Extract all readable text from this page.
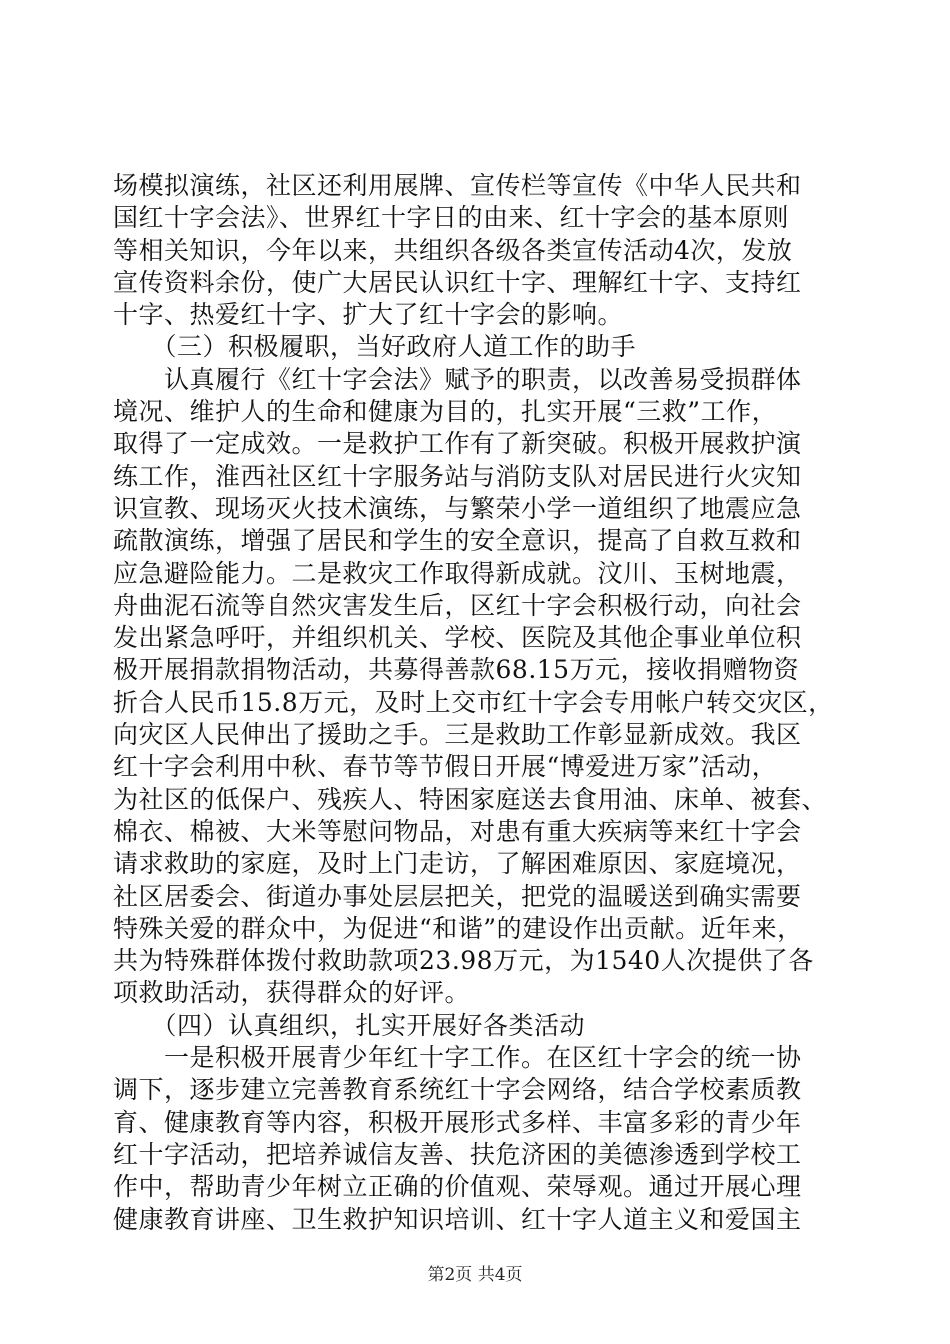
场模拟演练，社区还利用展牌、宣传栏等宣传《中华人民共和
国红十字会法》、世界红十字日的由来、红十字会的基本原则
等相关知识，今年以来，共组织各级各类宣传活动4次，发放
宣传资料余份，使广大居民认识红十字、理解红十字、支持红
十字、热爱红十字、扩大了红十字会的影响。
　　（三）积极履职，当好政府人道工作的助手
　　认真履行《红十字会法》赋予的职责，以改善易受损群体
境况、维护人的生命和健康为目的，扎实开展“三救”工作，
取得了一定成效。一是救护工作有了新突破。积极开展救护演
练工作，淮西社区红十字服务站与消防支队对居民进行火灾知
识宣教、现场灭火技术演练，与繁荣小学一道组织了地震应急
疏散演练，增强了居民和学生的安全意识，提高了自救互救和
应急避险能力。二是救灾工作取得新成就。汶川、玉树地震，
舟曲泥石流等自然灾害发生后，区红十字会积极行动，向社会
发出紧急呼吁，并组织机关、学校、医院及其他企事业单位积
极开展捐款捐物活动，共募得善款68.15万元，接收捐赠物资
折合人民币15.8万元，及时上交市红十字会专用帐户转交灾区，
向灾区人民伸出了援助之手。三是救助工作彰显新成效。我区
红十字会利用中秋、春节等节假日开展“博爱进万家”活动，
为社区的低保户、残疾人、特困家庭送去食用油、床单、被套、
棉衣、棉被、大米等慰问物品，对患有重大疾病等来红十字会
请求救助的家庭，及时上门走访，了解困难原因、家庭境况，
社区居委会、街道办事处层层把关，把党的温暖送到确实需要
特殊关爱的群众中，为促进“和谐”的建设作出贡献。近年来，
共为特殊群体拨付救助款项23.98万元，为1540人次提供了各
项救助活动，获得群众的好评。
　　（四）认真组织，扎实开展好各类活动
　　一是积极开展青少年红十字工作。在区红十字会的统一协
调下，逐步建立完善教育系统红十字会网络，结合学校素质教
育、健康教育等内容，积极开展形式多样、丰富多彩的青少年
红十字活动，把培养诚信友善、扶危济困的美德渗透到学校工
作中，帮助青少年树立正确的价值观、荣辱观。通过开展心理
健康教育讲座、卫生救护知识培训、红十字人道主义和爱国主
第2页 共4页
